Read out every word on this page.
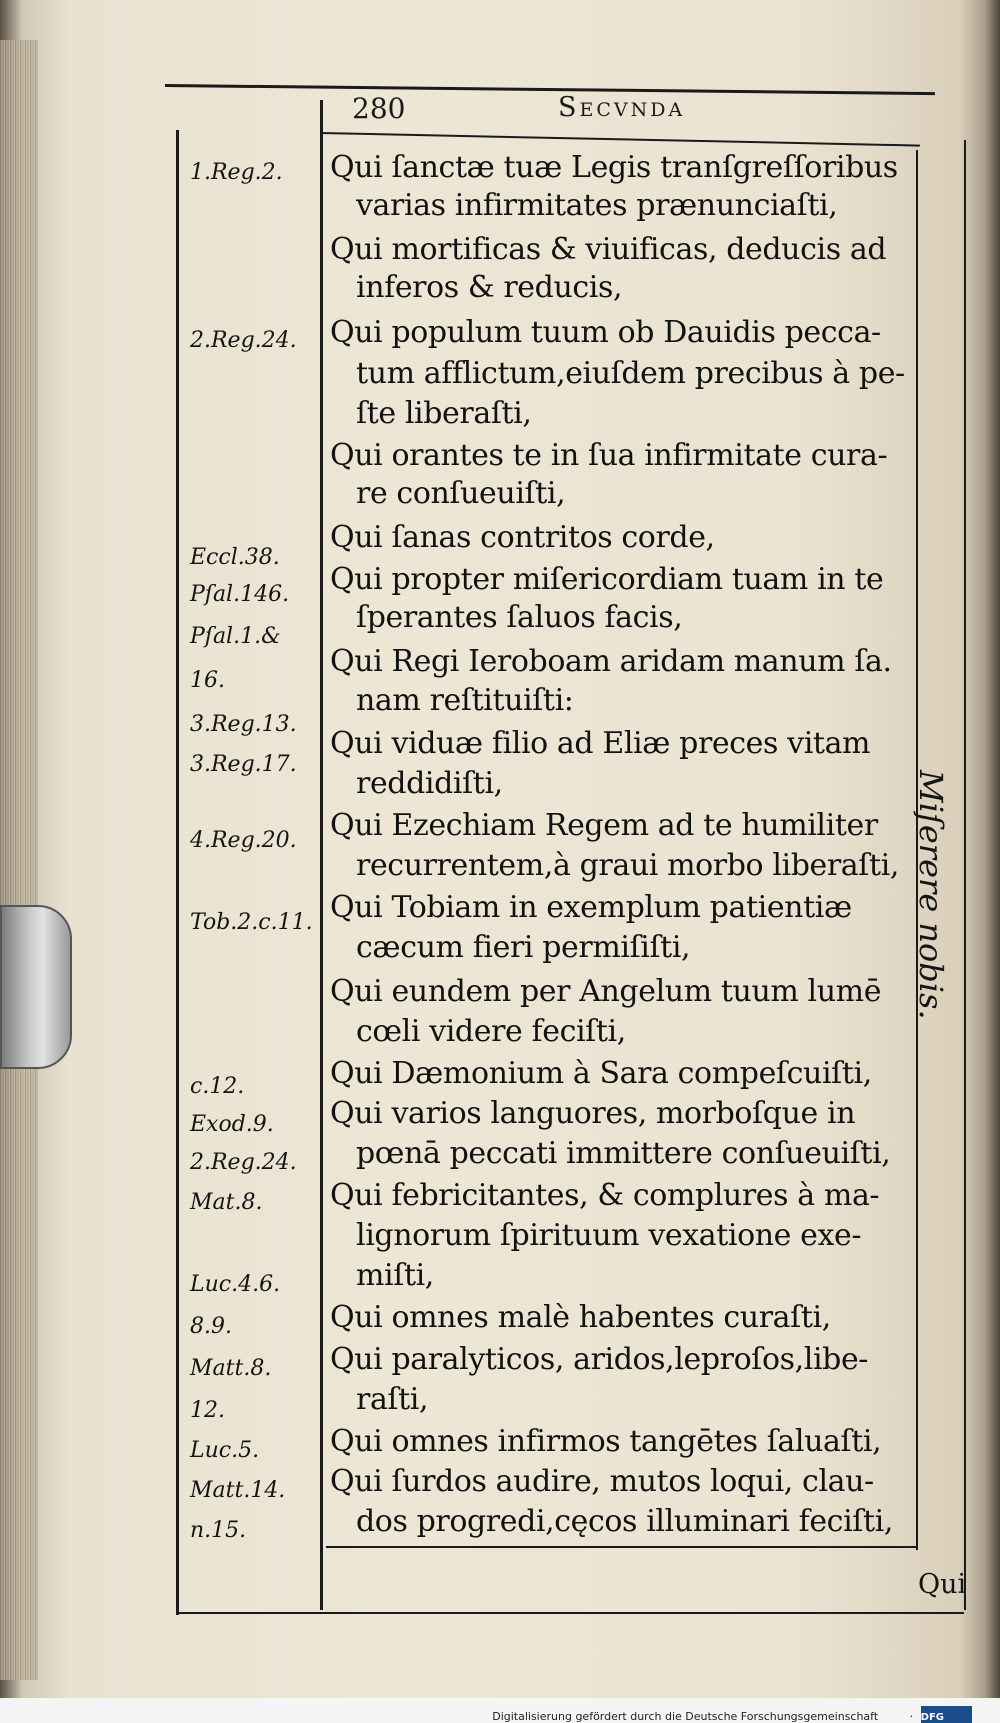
280	Secvnda
1.Reg.2.
2.Reg.24.
Eccl.38.
Pſal.146.
Pſal.1.&
16.
3.Reg.13.
3.Reg.17.
4.Reg.20.
Tob.2.c.11.
c.12.
Exod.9.
2.Reg.24.
Mat.8.
Luc.4.6.
8.9.
Matt.8.
12.
Luc.5.
Matt.14.
n.15.
Qui ſanctæ tuæ Legis tranſgreſſoribus
varias infirmitates prænunciaſti,
Qui mortificas & viuificas, deducis ad
inferos & reducis,
Qui populum tuum ob Dauidis pecca-
tum afflictum,eiuſdem precibus à pe-
ſte liberaſti,
Qui orantes te in ſua infirmitate cura-
re conſueuiſti,
Qui ſanas contritos corde,
Qui propter miſericordiam tuam in te
ſperantes ſaluos facis,
Qui Regi Ieroboam aridam manum ſa.
nam reſtituiſti:
Qui viduæ filio ad Eliæ preces vitam
reddidiſti,
Qui Ezechiam Regem ad te humiliter
recurrentem,à graui morbo liberaſti,
Qui Tobiam in exemplum patientiæ
cæcum fieri permiſiſti,
Qui eundem per Angelum tuum lumē
cœli videre feciſti,
Qui Dæmonium à Sara compeſcuiſti,
Qui varios languores, morboſque in
pœnā peccati immittere conſueuiſti,
Qui febricitantes, & complures à ma-
lignorum ſpirituum vexatione exe-
miſti,
Qui omnes malè habentes curaſti,
Qui paralyticos, aridos,leproſos,libe-
raſti,
Qui omnes infirmos tangētes ſaluaſti,
Qui ſurdos audire, mutos loqui, clau-
dos progredi,cęcos illuminari feciſti,
Miſerere nobis.
Qui
Digitalisierung gefördert durch die Deutsche Forschungsgemeinschaft	· DFG
